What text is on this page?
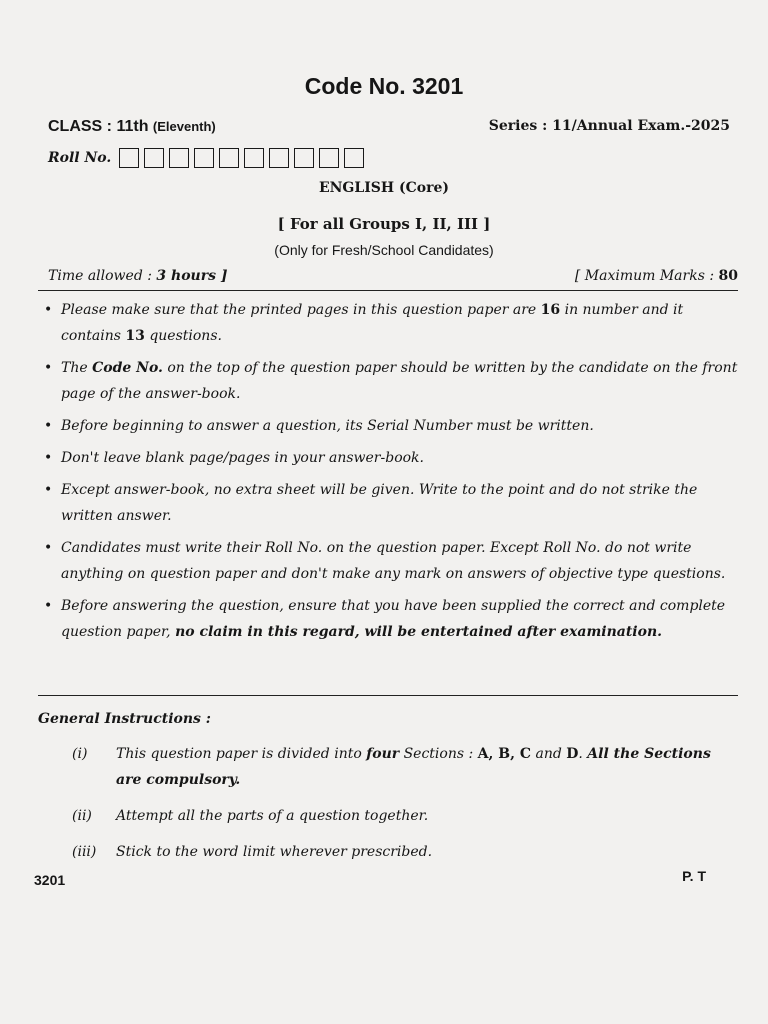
Code No. 3201
CLASS : 11th (Eleventh)	Series : 11/Annual Exam.-2025
Roll No.
ENGLISH (Core)
[ For all Groups I, II, III ]
(Only for Fresh/School Candidates)
Time allowed : 3 hours ]	[ Maximum Marks : 80
• Please make sure that the printed pages in this question paper are 16 in number and it contains 13 questions.
• The Code No. on the top of the question paper should be written by the candidate on the front page of the answer-book.
• Before beginning to answer a question, its Serial Number must be written.
• Don't leave blank page/pages in your answer-book.
• Except answer-book, no extra sheet will be given. Write to the point and do not strike the written answer.
• Candidates must write their Roll No. on the question paper. Except Roll No. do not write anything on question paper and don't make any mark on answers of objective type questions.
• Before answering the question, ensure that you have been supplied the correct and complete question paper, no claim in this regard, will be entertained after examination.
General Instructions :
(i)	This question paper is divided into four Sections : A, B, C and D. All the Sections are compulsory.
(ii)	Attempt all the parts of a question together.
(iii)	Stick to the word limit wherever prescribed.
3201	P. T
